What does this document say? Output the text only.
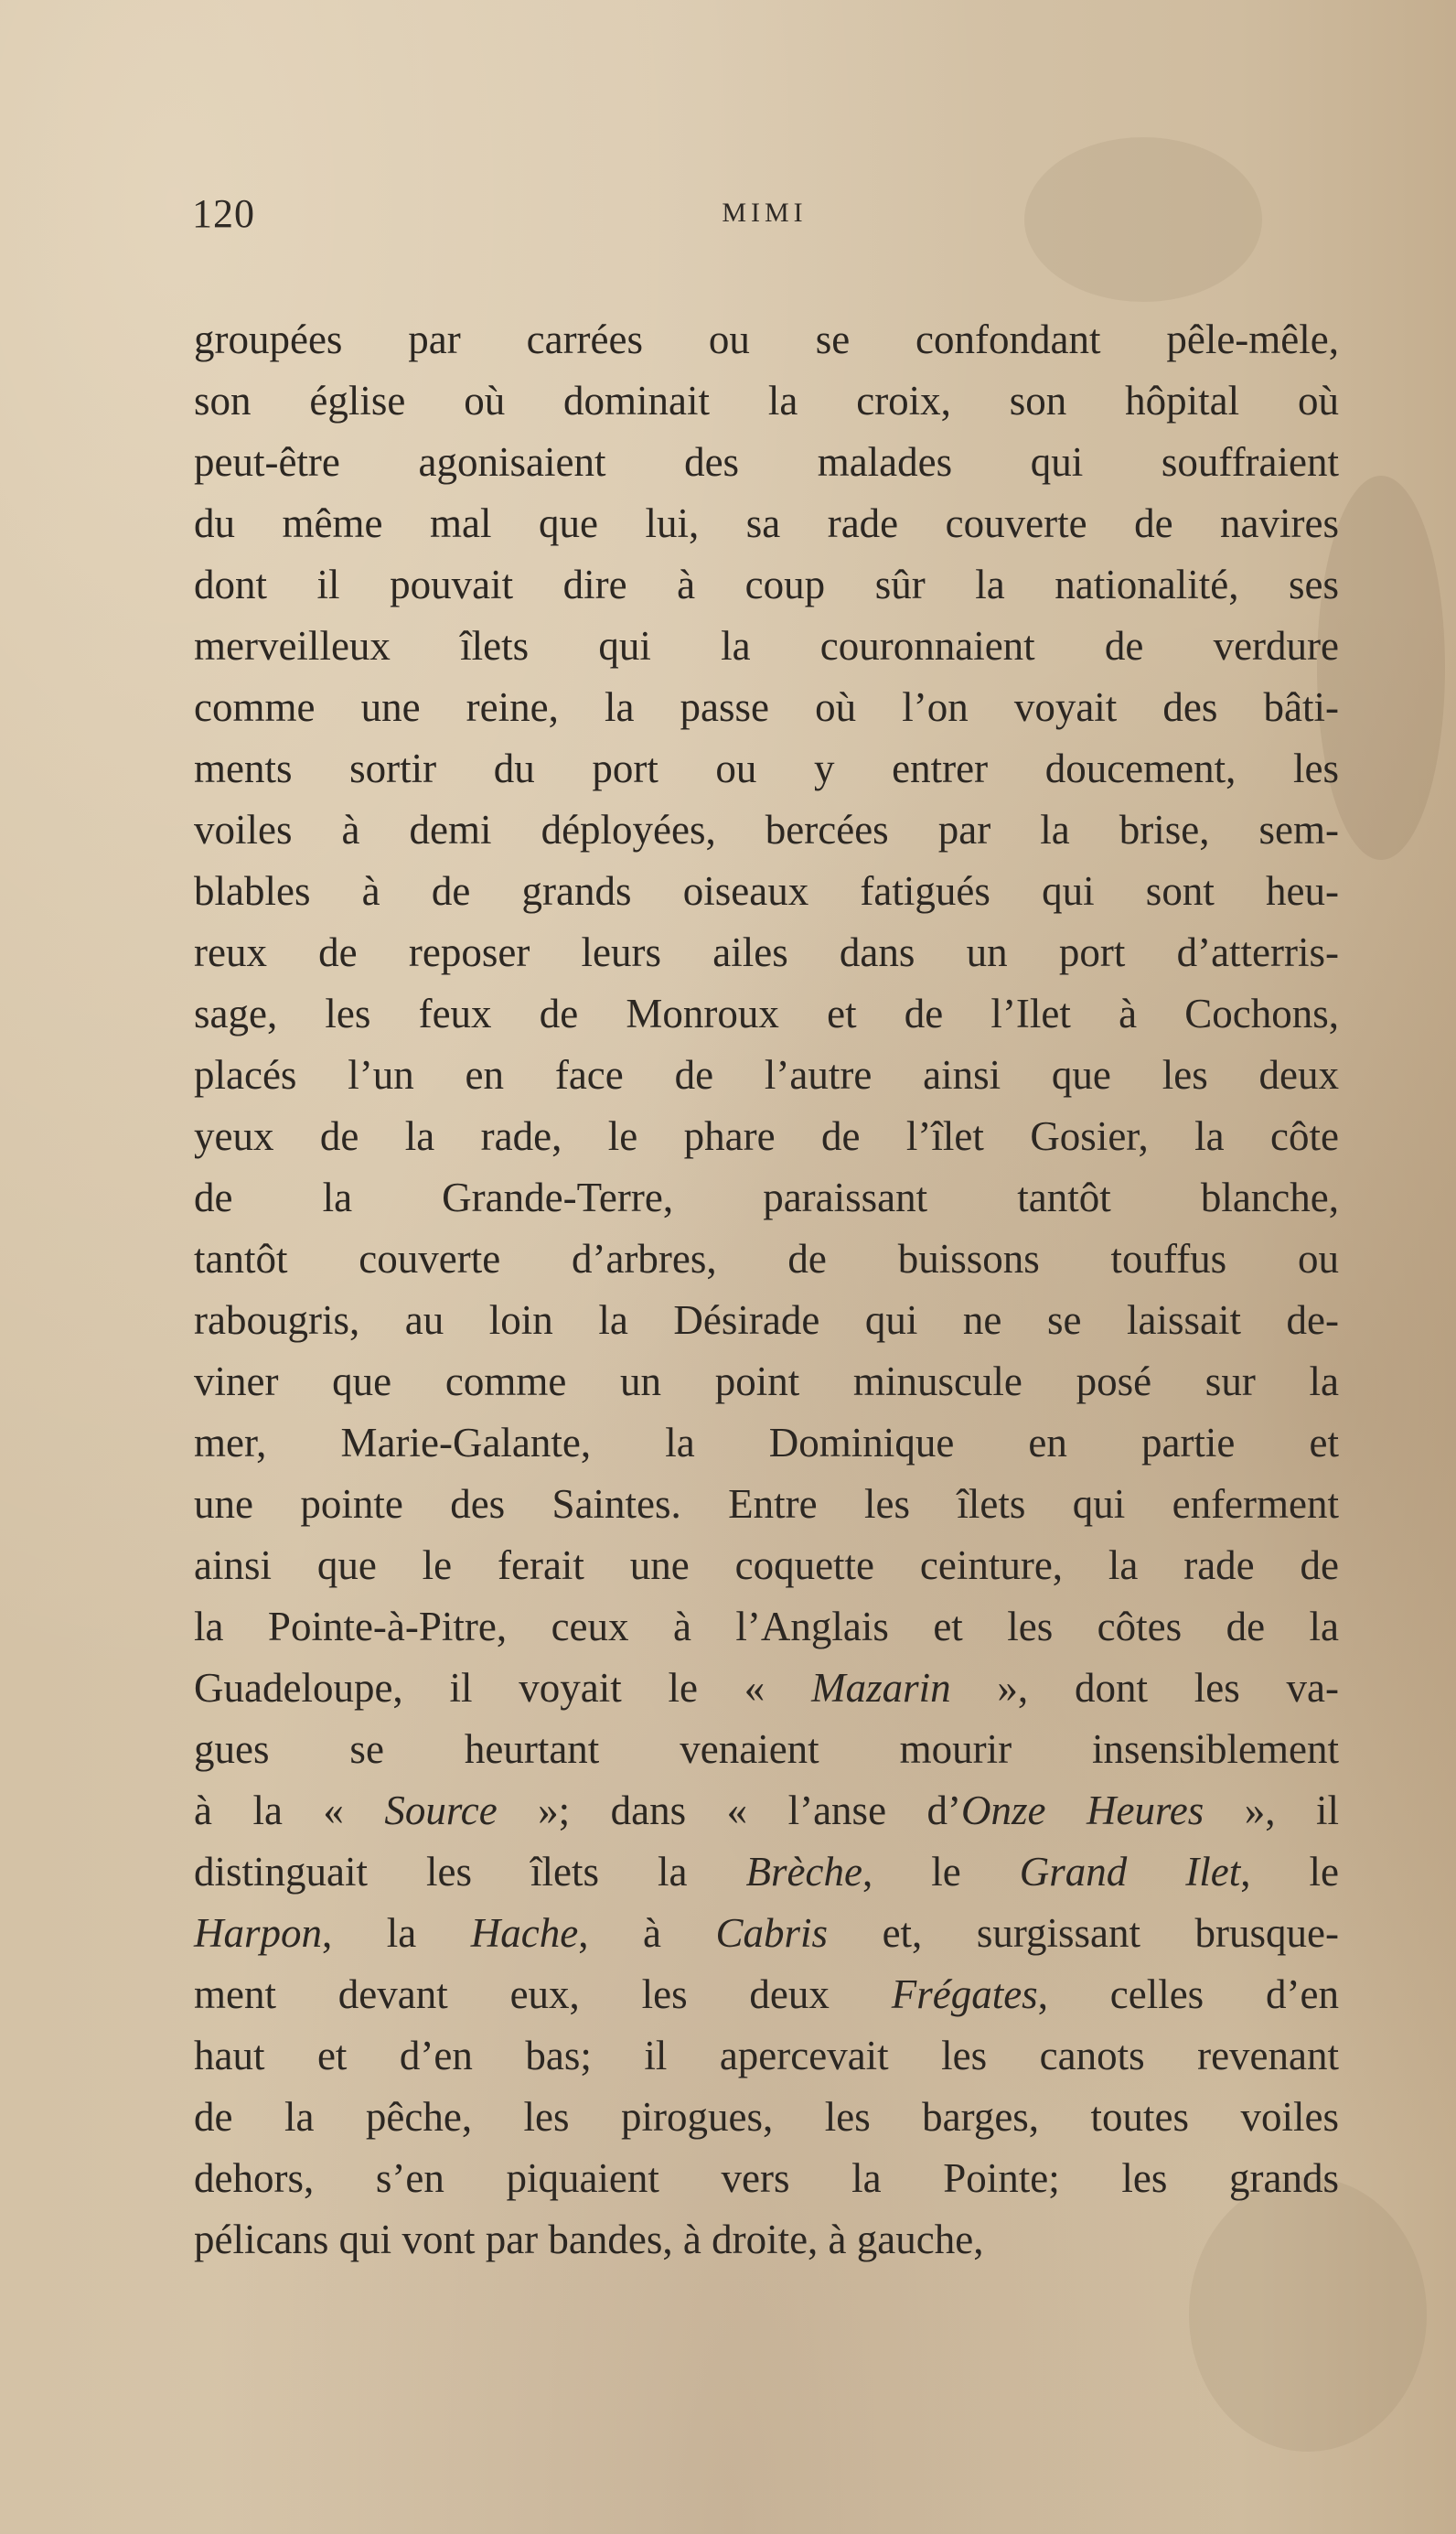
120	MIMI
groupées par carrées ou se confondant pêle-mêle,
son église où dominait la croix, son hôpital où
peut-être agonisaient des malades qui souffraient
du même mal que lui, sa rade couverte de navires
dont il pouvait dire à coup sûr la nationalité, ses
merveilleux îlets qui la couronnaient de verdure
comme une reine, la passe où l’on voyait des bâti-
ments sortir du port ou y entrer doucement, les
voiles à demi déployées, bercées par la brise, sem-
blables à de grands oiseaux fatigués qui sont heu-
reux de reposer leurs ailes dans un port d’atterris-
sage, les feux de Monroux et de l’Ilet à Cochons,
placés l’un en face de l’autre ainsi que les deux
yeux de la rade, le phare de l’îlet Gosier, la côte
de la Grande-Terre, paraissant tantôt blanche,
tantôt couverte d’arbres, de buissons touffus ou
rabougris, au loin la Désirade qui ne se laissait de-
viner que comme un point minuscule posé sur la
mer, Marie-Galante, la Dominique en partie et
une pointe des Saintes. Entre les îlets qui enferment
ainsi que le ferait une coquette ceinture, la rade de
la Pointe-à-Pitre, ceux à l’Anglais et les côtes de la
Guadeloupe, il voyait le « Mazarin », dont les va-
gues se heurtant venaient mourir insensiblement
à la « Source »; dans « l’anse d’Onze Heures », il
distinguait les îlets la Brèche, le Grand Ilet, le
Harpon, la Hache, à Cabris et, surgissant brusque-
ment devant eux, les deux Frégates, celles d’en
haut et d’en bas; il apercevait les canots revenant
de la pêche, les pirogues, les barges, toutes voiles
dehors, s’en piquaient vers la Pointe; les grands
pélicans qui vont par bandes, à droite, à gauche,
